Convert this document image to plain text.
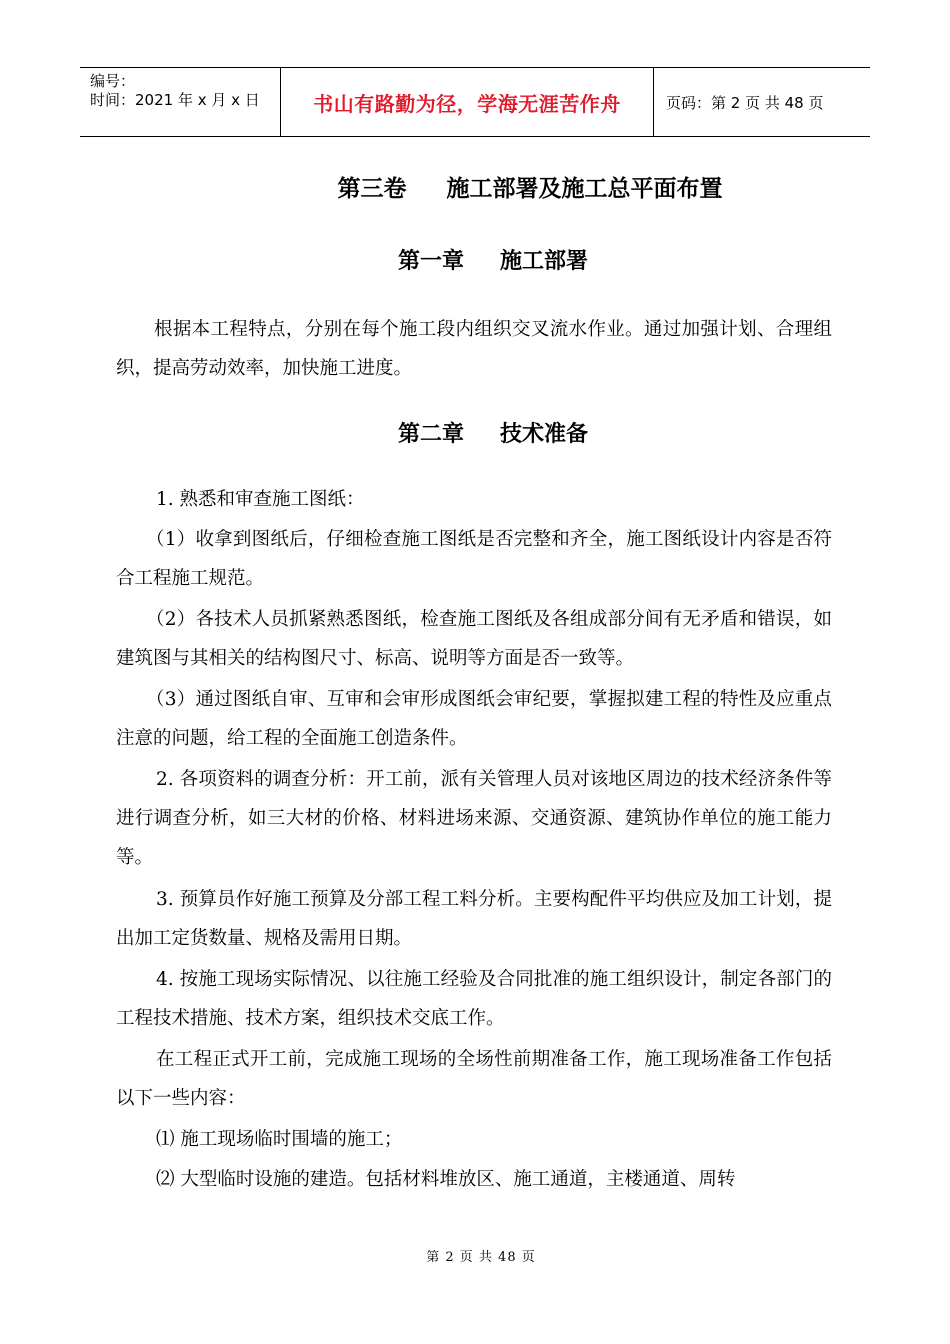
编号：
时间：2021 年 x 月 x 日	书山有路勤为径，学海无涯苦作舟	页码：第 2 页 共 48 页
第三卷 施工部署及施工总平面布置
第一章 施工部署
根据本工程特点，分别在每个施工段内组织交叉流水作业。通过加强计划、合理组织，提高劳动效率，加快施工进度。
第二章 技术准备
1. 熟悉和审查施工图纸：
（1）收拿到图纸后，仔细检查施工图纸是否完整和齐全，施工图纸设计内容是否符合工程施工规范。
（2）各技术人员抓紧熟悉图纸，检查施工图纸及各组成部分间有无矛盾和错误，如建筑图与其相关的结构图尺寸、标高、说明等方面是否一致等。
（3）通过图纸自审、互审和会审形成图纸会审纪要，掌握拟建工程的特性及应重点注意的问题，给工程的全面施工创造条件。
2. 各项资料的调查分析：开工前，派有关管理人员对该地区周边的技术经济条件等进行调查分析，如三大材的价格、材料进场来源、交通资源、建筑协作单位的施工能力等。
3. 预算员作好施工预算及分部工程工料分析。主要构配件平均供应及加工计划，提出加工定货数量、规格及需用日期。
4. 按施工现场实际情况、以往施工经验及合同批准的施工组织设计，制定各部门的工程技术措施、技术方案，组织技术交底工作。
在工程正式开工前，完成施工现场的全场性前期准备工作，施工现场准备工作包括以下一些内容：
⑴ 施工现场临时围墙的施工；
⑵ 大型临时设施的建造。包括材料堆放区、施工通道，主楼通道、周转
第 2 页 共 48 页
